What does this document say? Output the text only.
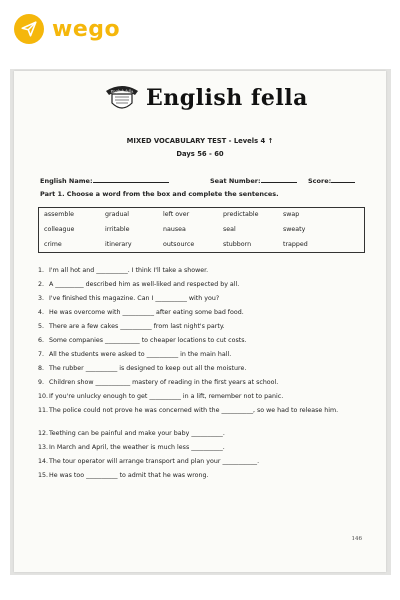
wego
English fella English fella
MIXED VOCABULARY TEST - Levels 4 ↑
Days 56 - 60
English Name:	Seat Number:	Score:
Part 1. Choose a word from the box and complete the sentences.
assemble	gradual	left over	predictable	swap
colleague	irritable	nausea	seal	sweaty
crime	itinerary	outsource	stubborn	trapped
1. I'm all hot and __________. I think I'll take a shower.
2. A _________ described him as well-liked and respected by all.
3. I've finished this magazine. Can I __________ with you?
4. He was overcome with __________ after eating some bad food.
5. There are a few cakes __________ from last night's party.
6. Some companies ___________ to cheaper locations to cut costs.
7. All the students were asked to __________ in the main hall.
8. The rubber __________ is designed to keep out all the moisture.
9. Children show ___________ mastery of reading in the first years at school.
10.If you're unlucky enough to get __________ in a lift, remember not to panic.
11.The police could not prove he was concerned with the __________, so we had to release him.
12.Teething can be painful and make your baby __________.
13.In March and April, the weather is much less __________.
14.The tour operator will arrange transport and plan your ___________.
15.He was too __________ to admit that he was wrong.
146
